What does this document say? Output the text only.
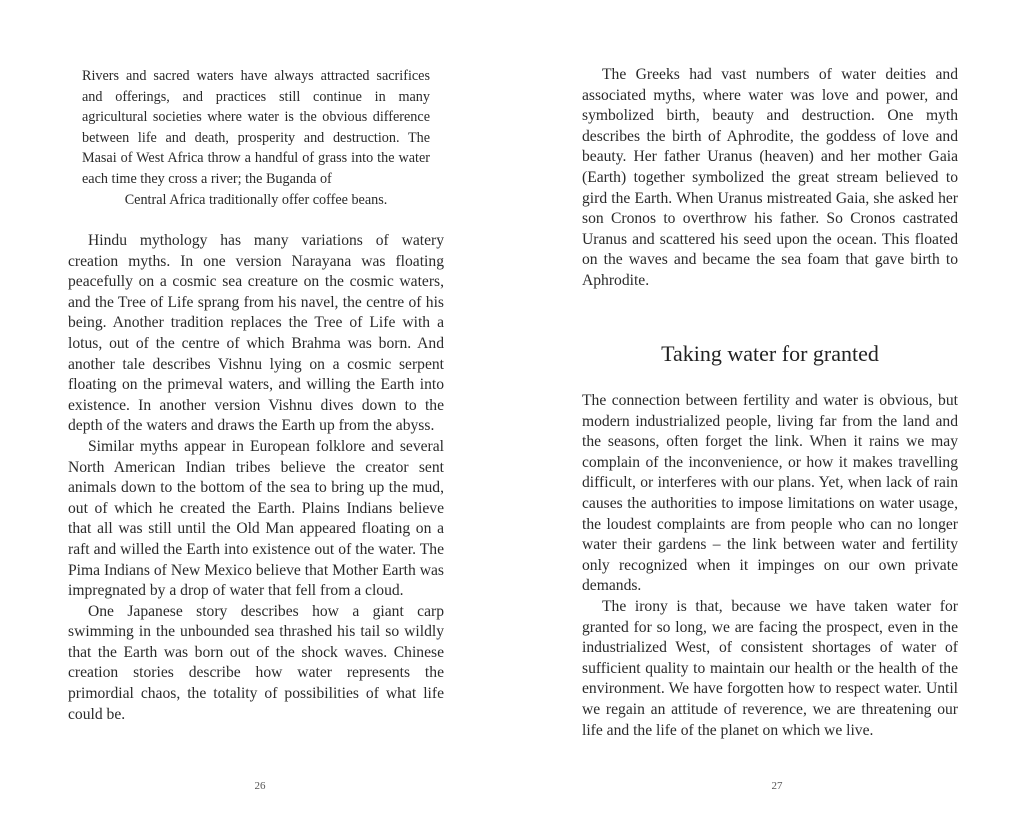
Rivers and sacred waters have always attracted sacrifices and offerings, and practices still continue in many agricultural societies where water is the obvious difference between life and death, prosperity and destruction. The Masai of West Africa throw a handful of grass into the water each time they cross a river; the Buganda of
Central Africa traditionally offer coffee beans.

Hindu mythology has many variations of watery creation myths. In one version Narayana was floating peacefully on a cosmic sea creature on the cosmic waters, and the Tree of Life sprang from his navel, the centre of his being. Another tradition replaces the Tree of Life with a lotus, out of the centre of which Brahma was born. And another tale describes Vishnu lying on a cosmic serpent floating on the primeval waters, and willing the Earth into existence. In another version Vishnu dives down to the depth of the waters and draws the Earth up from the abyss.

Similar myths appear in European folklore and several North American Indian tribes believe the creator sent animals down to the bottom of the sea to bring up the mud, out of which he created the Earth. Plains Indians believe that all was still until the Old Man appeared floating on a raft and willed the Earth into existence out of the water. The Pima Indians of New Mexico believe that Mother Earth was impregnated by a drop of water that fell from a cloud.

One Japanese story describes how a giant carp swimming in the unbounded sea thrashed his tail so wildly that the Earth was born out of the shock waves. Chinese creation stories describe how water represents the primordial chaos, the totality of possibilities of what life could be.

26

The Greeks had vast numbers of water deities and associated myths, where water was love and power, and symbolized birth, beauty and destruction. One myth describes the birth of Aphrodite, the goddess of love and beauty. Her father Uranus (heaven) and her mother Gaia (Earth) together symbolized the great stream believed to gird the Earth. When Uranus mistreated Gaia, she asked her son Cronos to overthrow his father. So Cronos castrated Uranus and scattered his seed upon the ocean. This floated on the waves and became the sea foam that gave birth to Aphrodite.

Taking water for granted

The connection between fertility and water is obvious, but modern industrialized people, living far from the land and the seasons, often forget the link. When it rains we may complain of the inconvenience, or how it makes travelling difficult, or interferes with our plans. Yet, when lack of rain causes the authorities to impose limitations on water usage, the loudest complaints are from people who can no longer water their gardens – the link between water and fertility only recognized when it impinges on our own private demands.

The irony is that, because we have taken water for granted for so long, we are facing the prospect, even in the industrialized West, of consistent shortages of water of sufficient quality to maintain our health or the health of the environment. We have forgotten how to respect water. Until we regain an attitude of reverence, we are threatening our life and the life of the planet on which we live.

27
